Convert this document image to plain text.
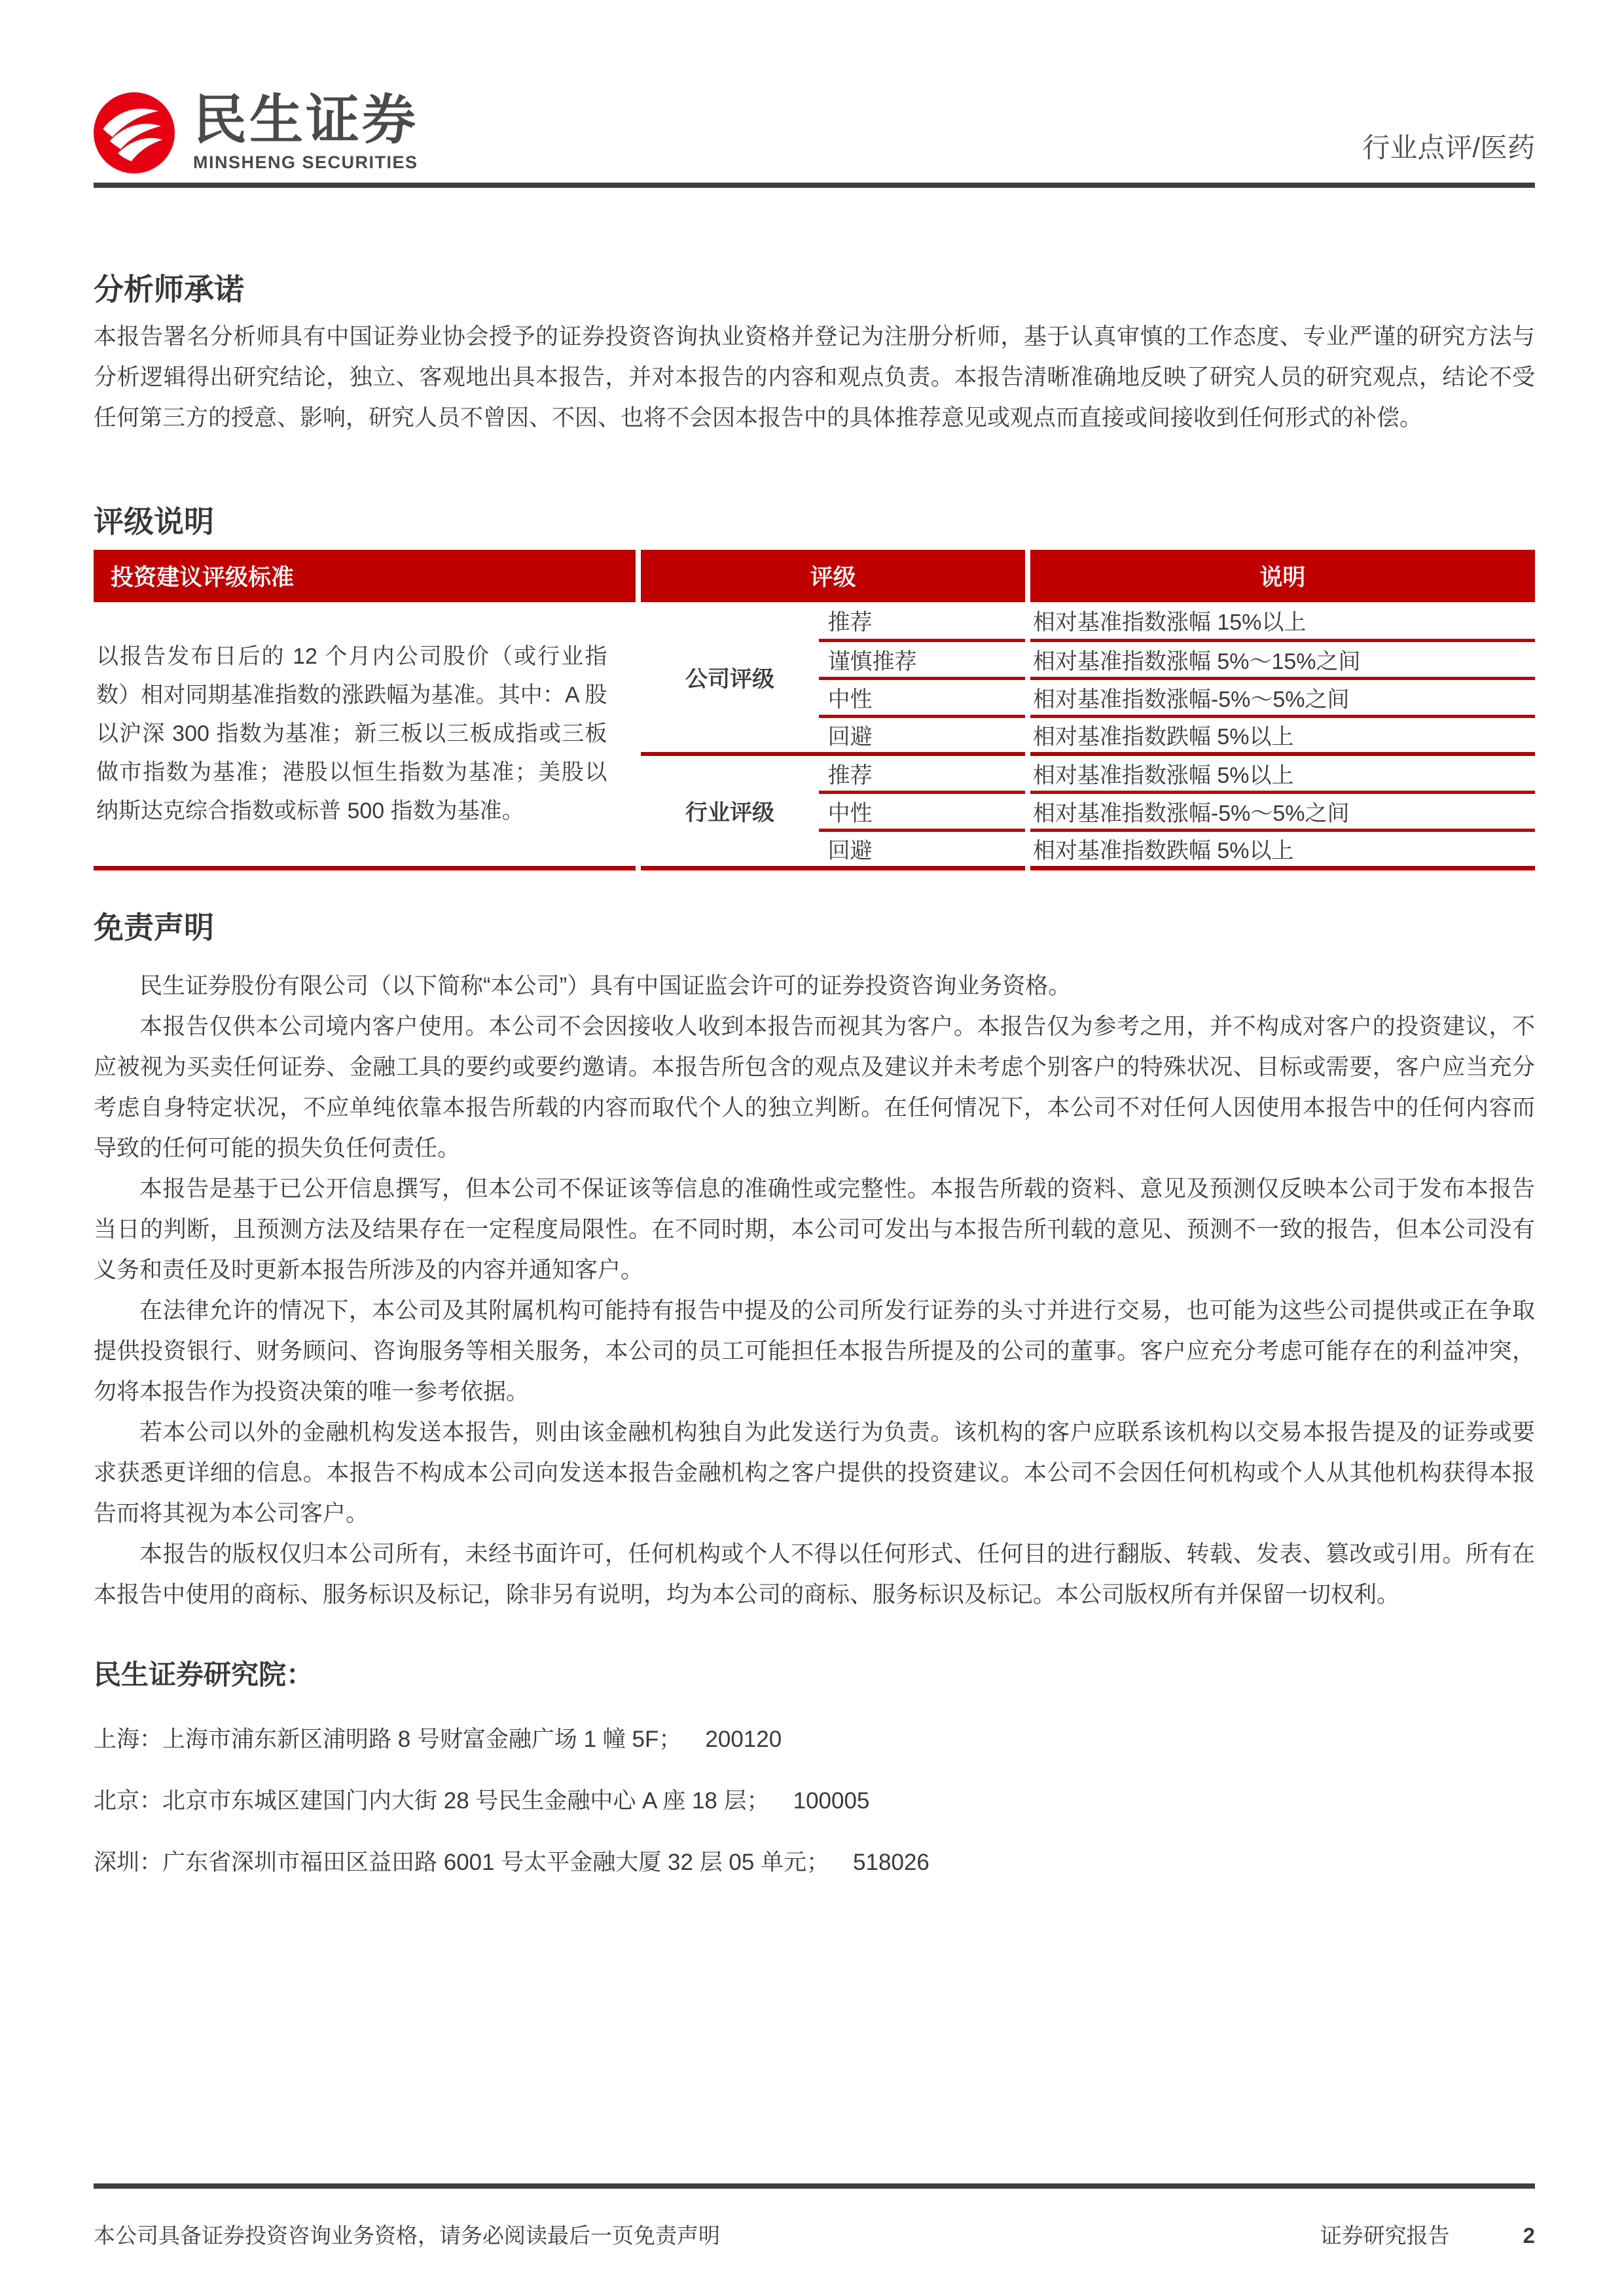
民生证券
MINSHENG SECURITIES	行业点评/医药
分析师承诺
本报告署名分析师具有中国证券业协会授予的证券投资咨询执业资格并登记为注册分析师，基于认真审慎的工作态度、专业严谨的研究方法与分析逻辑得出研究结论，独立、客观地出具本报告，并对本报告的内容和观点负责。本报告清晰准确地反映了研究人员的研究观点，结论不受任何第三方的授意、影响，研究人员不曾因、不因、也将不会因本报告中的具体推荐意见或观点而直接或间接收到任何形式的补偿。
评级说明
投资建议评级标准	评级		说明
以报告发布日后的 12 个月内公司股价（或行业指数）相对同期基准指数的涨跌幅为基准。其中：A 股以沪深 300 指数为基准；新三板以三板成指或三板做市指数为基准；港股以恒生指数为基准；美股以纳斯达克综合指数或标普 500 指数为基准。	公司评级	推荐	相对基准指数涨幅 15%以上
		谨慎推荐	相对基准指数涨幅 5%～15%之间
		中性	相对基准指数涨幅-5%～5%之间
		回避	相对基准指数跌幅 5%以上
	行业评级	推荐	相对基准指数涨幅 5%以上
		中性	相对基准指数涨幅-5%～5%之间
		回避	相对基准指数跌幅 5%以上
免责声明

民生证券股份有限公司（以下简称“本公司”）具有中国证监会许可的证券投资咨询业务资格。

本报告仅供本公司境内客户使用。本公司不会因接收人收到本报告而视其为客户。本报告仅为参考之用，并不构成对客户的投资建议，不应被视为买卖任何证券、金融工具的要约或要约邀请。本报告所包含的观点及建议并未考虑个别客户的特殊状况、目标或需要，客户应当充分考虑自身特定状况，不应单纯依靠本报告所载的内容而取代个人的独立判断。在任何情况下，本公司不对任何人因使用本报告中的任何内容而导致的任何可能的损失负任何责任。

本报告是基于已公开信息撰写，但本公司不保证该等信息的准确性或完整性。本报告所载的资料、意见及预测仅反映本公司于发布本报告当日的判断，且预测方法及结果存在一定程度局限性。在不同时期，本公司可发出与本报告所刊载的意见、预测不一致的报告，但本公司没有义务和责任及时更新本报告所涉及的内容并通知客户。

在法律允许的情况下，本公司及其附属机构可能持有报告中提及的公司所发行证券的头寸并进行交易，也可能为这些公司提供或正在争取提供投资银行、财务顾问、咨询服务等相关服务，本公司的员工可能担任本报告所提及的公司的董事。客户应充分考虑可能存在的利益冲突，勿将本报告作为投资决策的唯一参考依据。

若本公司以外的金融机构发送本报告，则由该金融机构独自为此发送行为负责。该机构的客户应联系该机构以交易本报告提及的证券或要求获悉更详细的信息。本报告不构成本公司向发送本报告金融机构之客户提供的投资建议。本公司不会因任何机构或个人从其他机构获得本报告而将其视为本公司客户。

本报告的版权仅归本公司所有，未经书面许可，任何机构或个人不得以任何形式、任何目的进行翻版、转载、发表、篡改或引用。所有在本报告中使用的商标、服务标识及标记，除非另有说明，均为本公司的商标、服务标识及标记。本公司版权所有并保留一切权利。

民生证券研究院：
上海：上海市浦东新区浦明路 8 号财富金融广场 1 幢 5F； 200120
北京：北京市东城区建国门内大街 28 号民生金融中心 A 座 18 层； 100005
深圳：广东省深圳市福田区益田路 6001 号太平金融大厦 32 层 05 单元； 518026
本公司具备证券投资咨询业务资格，请务必阅读最后一页免责声明	证券研究报告	2
